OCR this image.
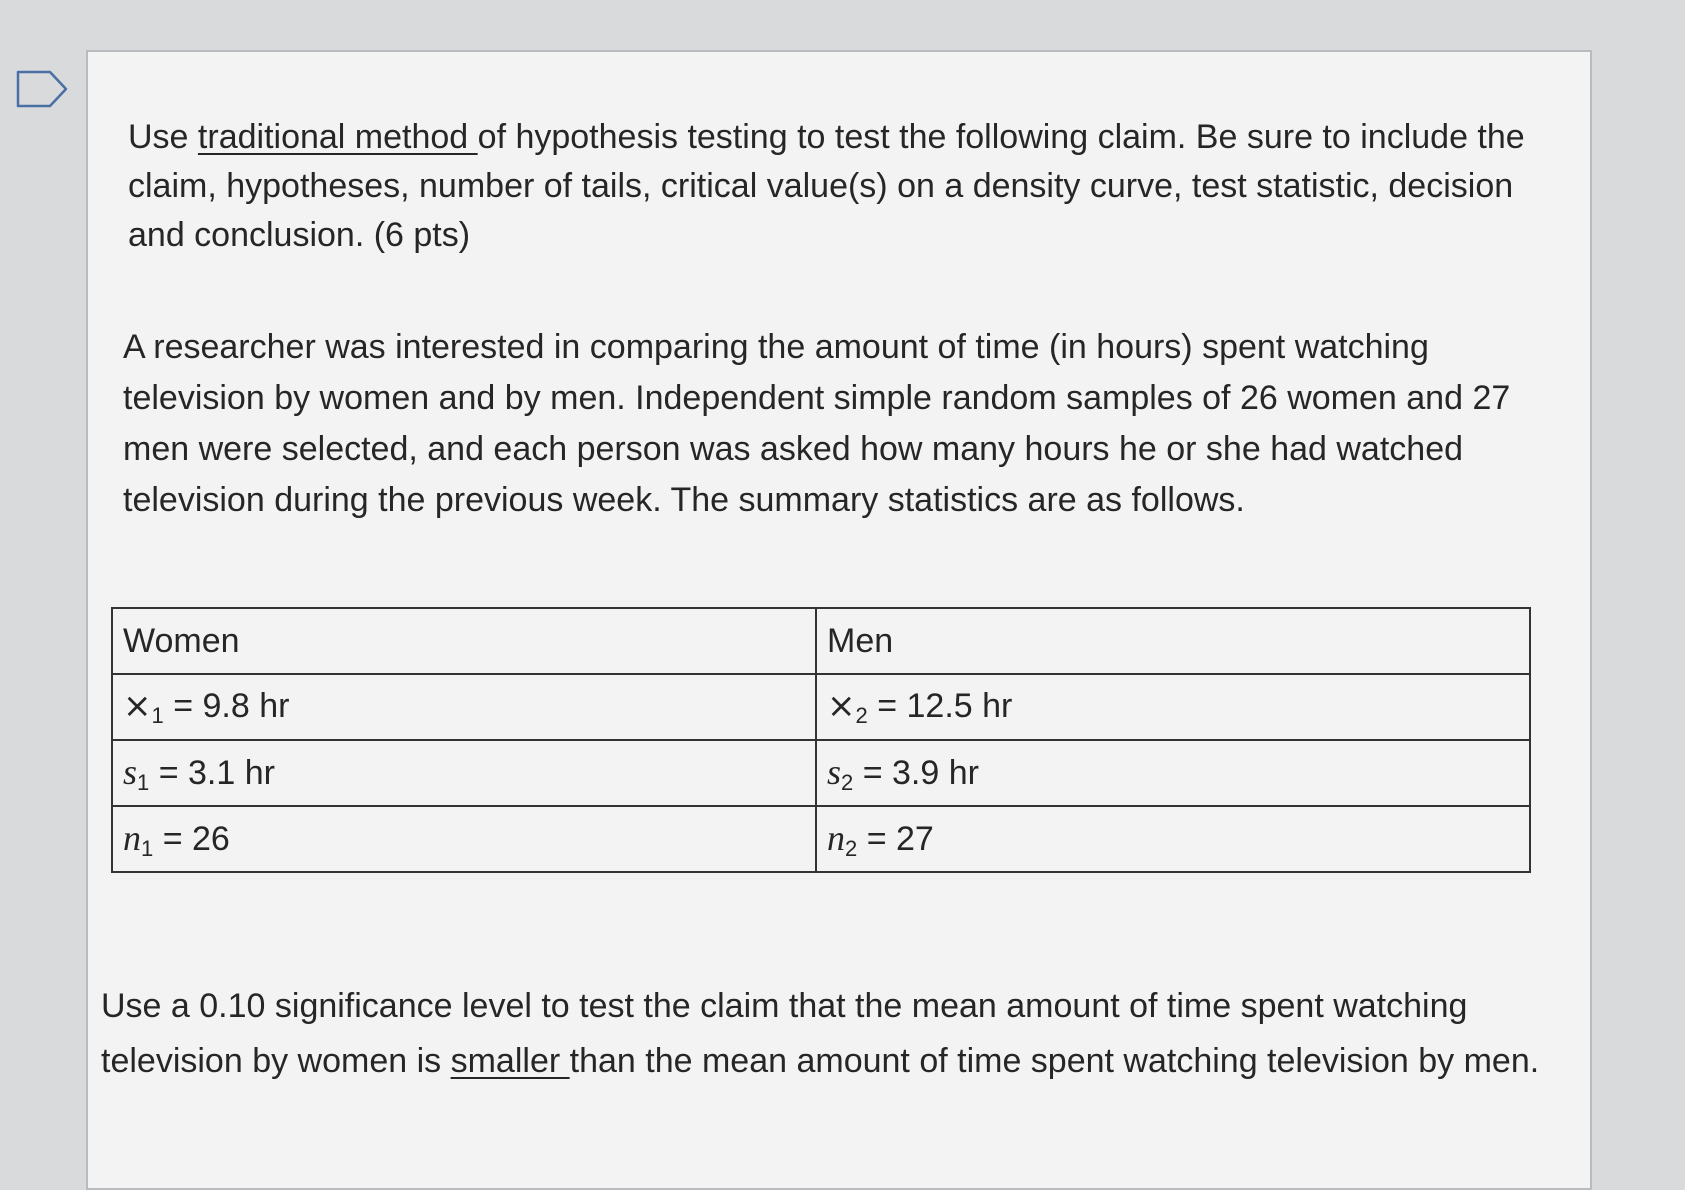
Use traditional method of hypothesis testing to test the following claim. Be sure to include the claim, hypotheses, number of tails, critical value(s) on a density curve, test statistic, decision and conclusion. (6 pts)

A researcher was interested in comparing the amount of time (in hours) spent watching television by women and by men. Independent simple random samples of 26 women and 27 men were selected, and each person was asked how many hours he or she had watched television during the previous week. The summary statistics are as follows.

Women	Men
$\times_1 = 9.8$ hr	$\times_2 = 12.5$ hr
$s_1 = 3.1$ hr	$s_2 = 3.9$ hr
$n_1 = 26$	$n_2 = 27$

Use a 0.10 significance level to test the claim that the mean amount of time spent watching television by women is smaller than the mean amount of time spent watching television by men.
